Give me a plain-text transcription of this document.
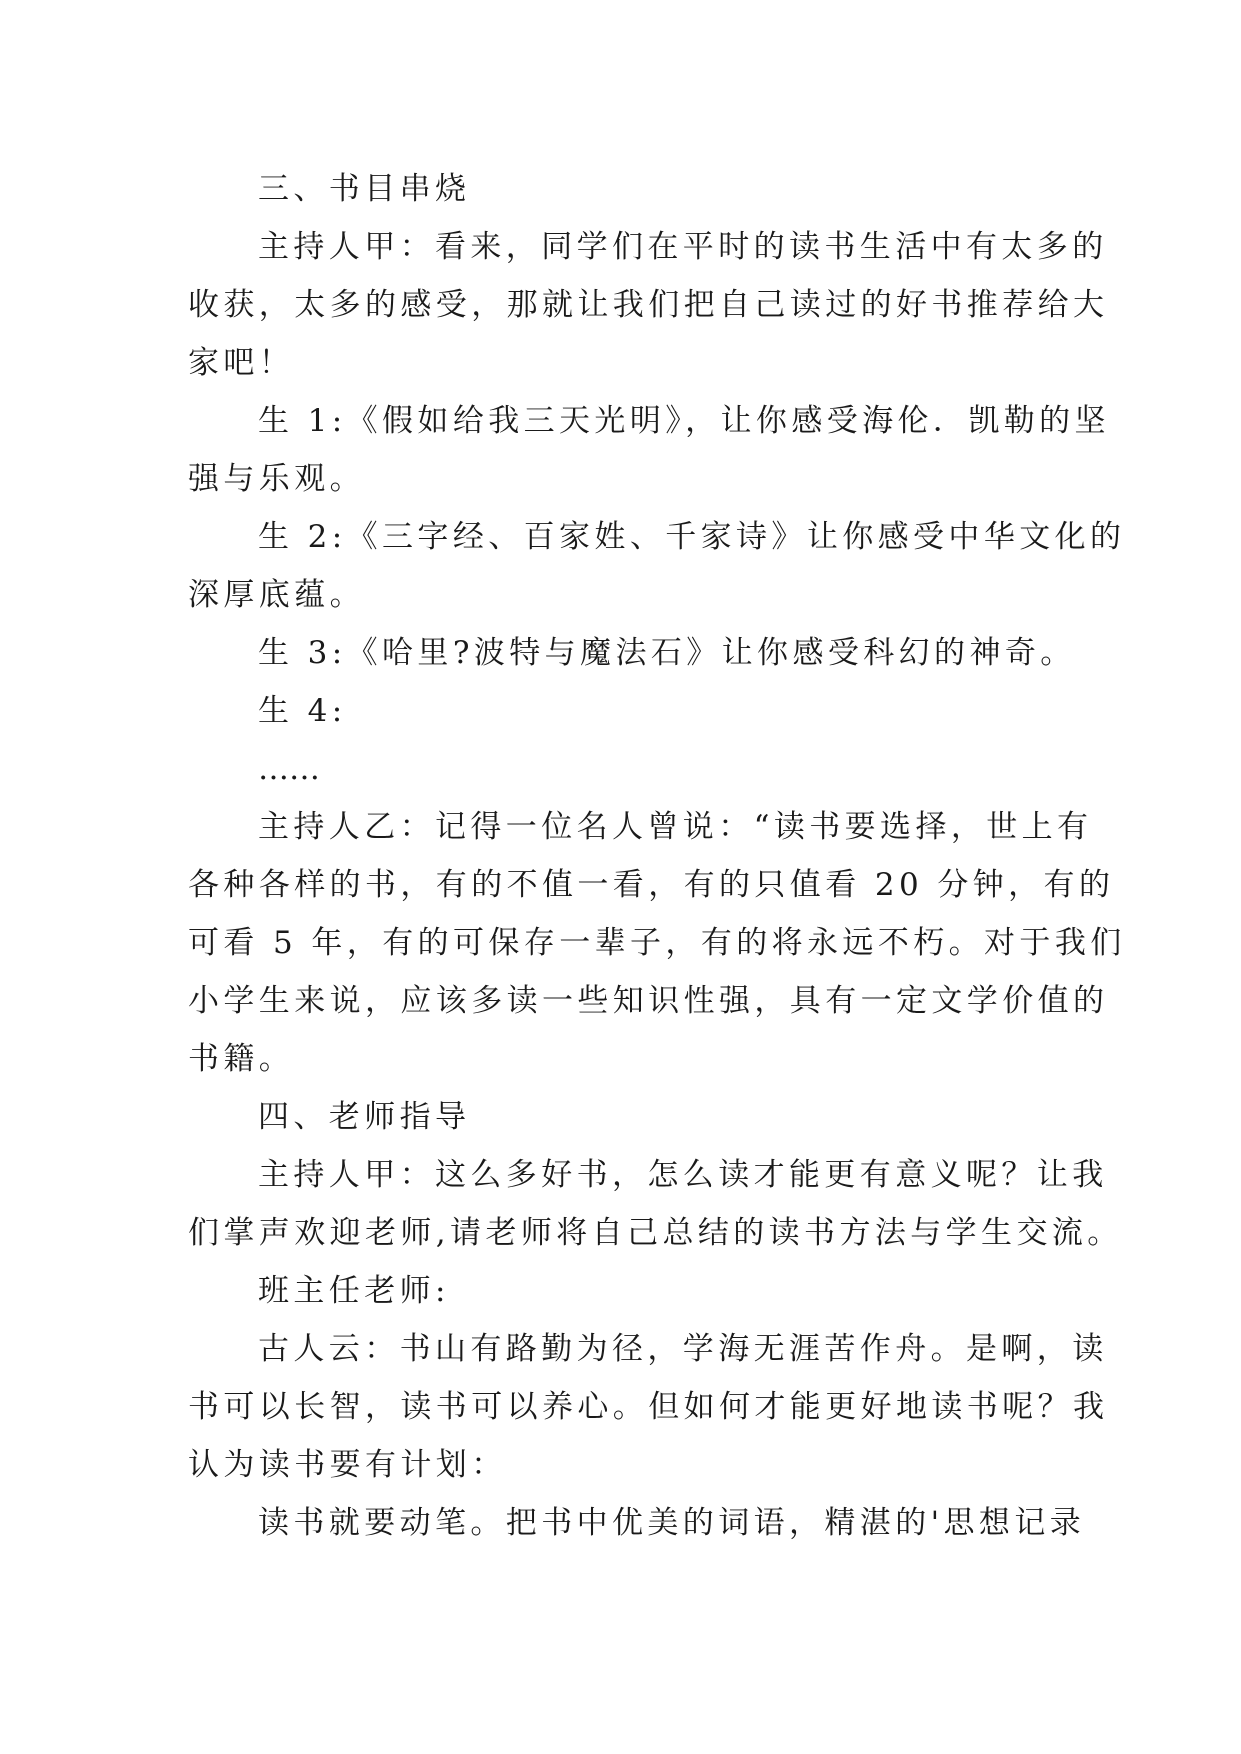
三、书目串烧
主持人甲：看来，同学们在平时的读书生活中有太多的
收获，太多的感受，那就让我们把自己读过的好书推荐给大
家吧！
生 1:《假如给我三天光明》，让你感受海伦．凯勒的坚
强与乐观。
生 2:《三字经、百家姓、千家诗》让你感受中华文化的
深厚底蕴。
生 3:《哈里?波特与魔法石》让你感受科幻的神奇。
生 4:
……
主持人乙：记得一位名人曾说：“读书要选择，世上有
各种各样的书，有的不值一看，有的只值看 20 分钟，有的
可看 5 年，有的可保存一辈子，有的将永远不朽。对于我们
小学生来说，应该多读一些知识性强，具有一定文学价值的
书籍。
四、老师指导
主持人甲：这么多好书，怎么读才能更有意义呢？让我
们掌声欢迎老师,请老师将自己总结的读书方法与学生交流。
班主任老师:
古人云：书山有路勤为径，学海无涯苦作舟。是啊，读
书可以长智，读书可以养心。但如何才能更好地读书呢？我
认为读书要有计划：
读书就要动笔。把书中优美的词语，精湛的'思想记录
